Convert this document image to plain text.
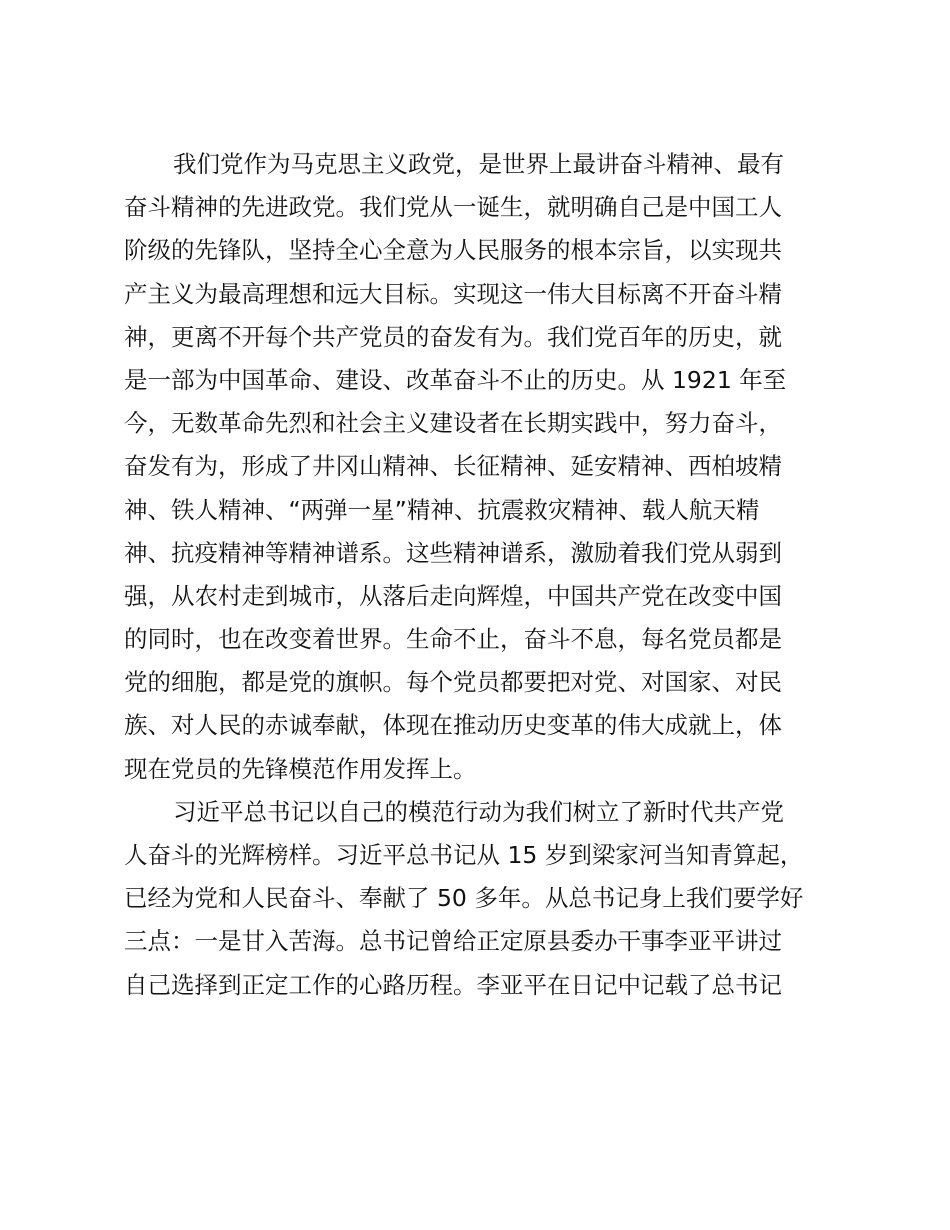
我们党作为马克思主义政党，是世界上最讲奋斗精神、最有
奋斗精神的先进政党。我们党从一诞生，就明确自己是中国工人
阶级的先锋队，坚持全心全意为人民服务的根本宗旨，以实现共
产主义为最高理想和远大目标。实现这一伟大目标离不开奋斗精
神，更离不开每个共产党员的奋发有为。我们党百年的历史，就
是一部为中国革命、建设、改革奋斗不止的历史。从 1921 年至
今，无数革命先烈和社会主义建设者在长期实践中，努力奋斗，
奋发有为，形成了井冈山精神、长征精神、延安精神、西柏坡精
神、铁人精神、“两弹一星”精神、抗震救灾精神、载人航天精
神、抗疫精神等精神谱系。这些精神谱系，激励着我们党从弱到
强，从农村走到城市，从落后走向辉煌，中国共产党在改变中国
的同时，也在改变着世界。生命不止，奋斗不息，每名党员都是
党的细胞，都是党的旗帜。每个党员都要把对党、对国家、对民
族、对人民的赤诚奉献，体现在推动历史变革的伟大成就上，体
现在党员的先锋模范作用发挥上。
习近平总书记以自己的模范行动为我们树立了新时代共产党
人奋斗的光辉榜样。习近平总书记从 15 岁到梁家河当知青算起，
已经为党和人民奋斗、奉献了 50 多年。从总书记身上我们要学好
三点：一是甘入苦海。总书记曾给正定原县委办干事李亚平讲过
自己选择到正定工作的心路历程。李亚平在日记中记载了总书记
